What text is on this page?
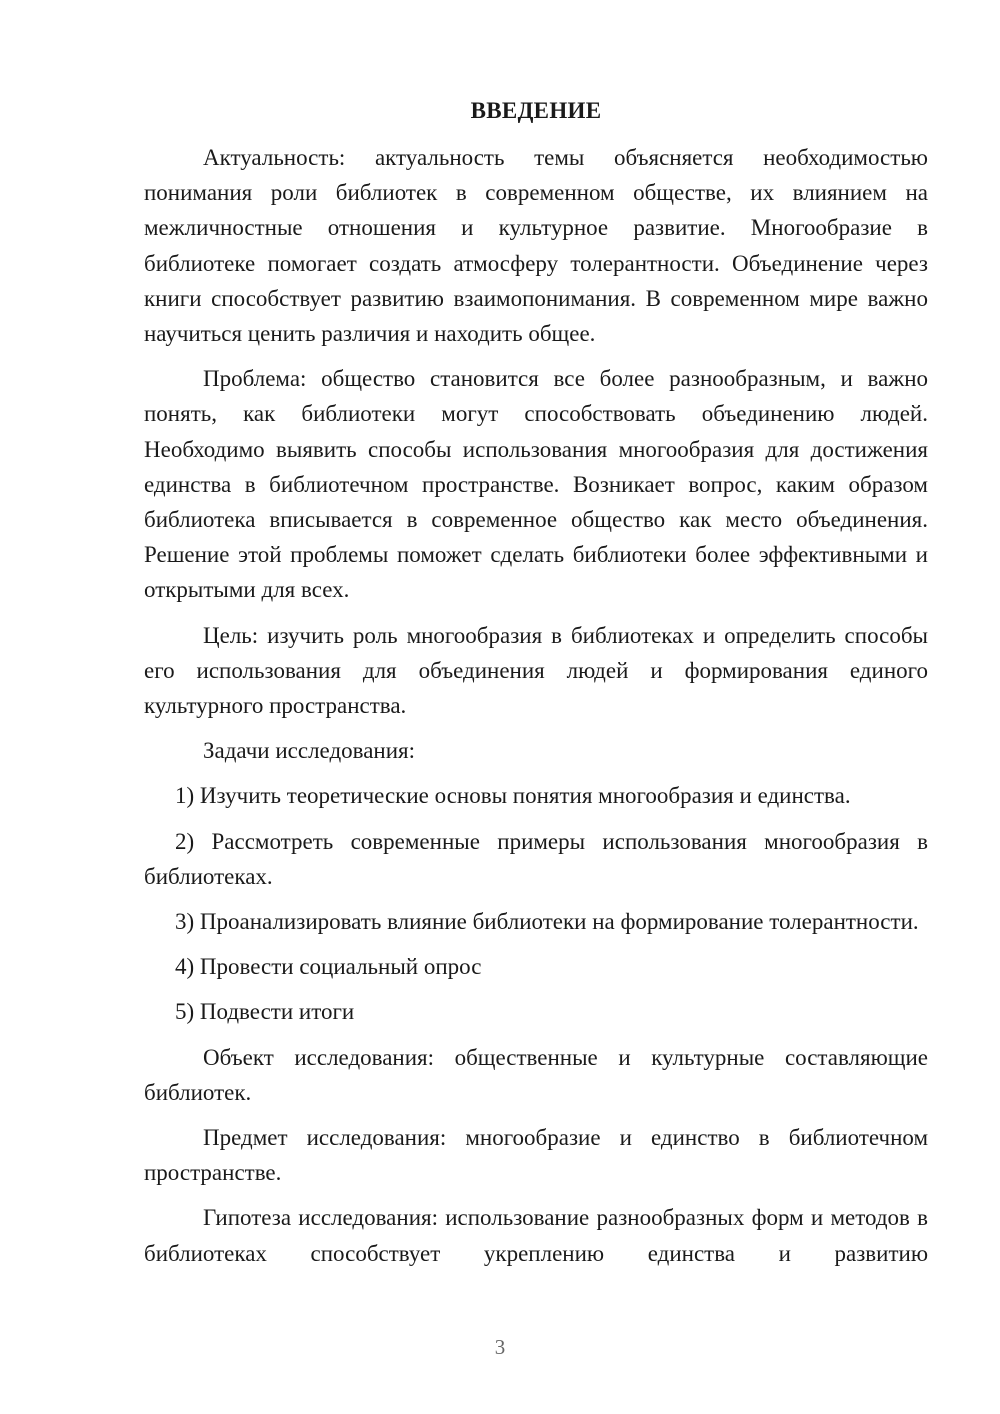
ВВЕДЕНИЕ

Актуальность: актуальность темы объясняется необходимостью понимания роли библиотек в современном обществе, их влиянием на межличностные отношения и культурное развитие. Многообразие в библиотеке помогает создать атмосферу толерантности. Объединение через книги способствует развитию взаимопонимания. В современном мире важно научиться ценить различия и находить общее.

Проблема: общество становится все более разнообразным, и важно понять, как библиотеки могут способствовать объединению людей. Необходимо выявить способы использования многообразия для достижения единства в библиотечном пространстве. Возникает вопрос, каким образом библиотека вписывается в современное общество как место объединения. Решение этой проблемы поможет сделать библиотеки более эффективными и открытыми для всех.

Цель: изучить роль многообразия в библиотеках и определить способы его использования для объединения людей и формирования единого культурного пространства.

Задачи исследования:

1) Изучить теоретические основы понятия многообразия и единства.

2) Рассмотреть современные примеры использования многообразия в библиотеках.

3) Проанализировать влияние библиотеки на формирование толерантности.

4) Провести социальный опрос

5) Подвести итоги

Объект исследования: общественные и культурные составляющие библиотек.

Предмет исследования: многообразие и единство в библиотечном пространстве.

Гипотеза исследования: использование разнообразных форм и методов в библиотеках способствует укреплению единства и развитию

3
